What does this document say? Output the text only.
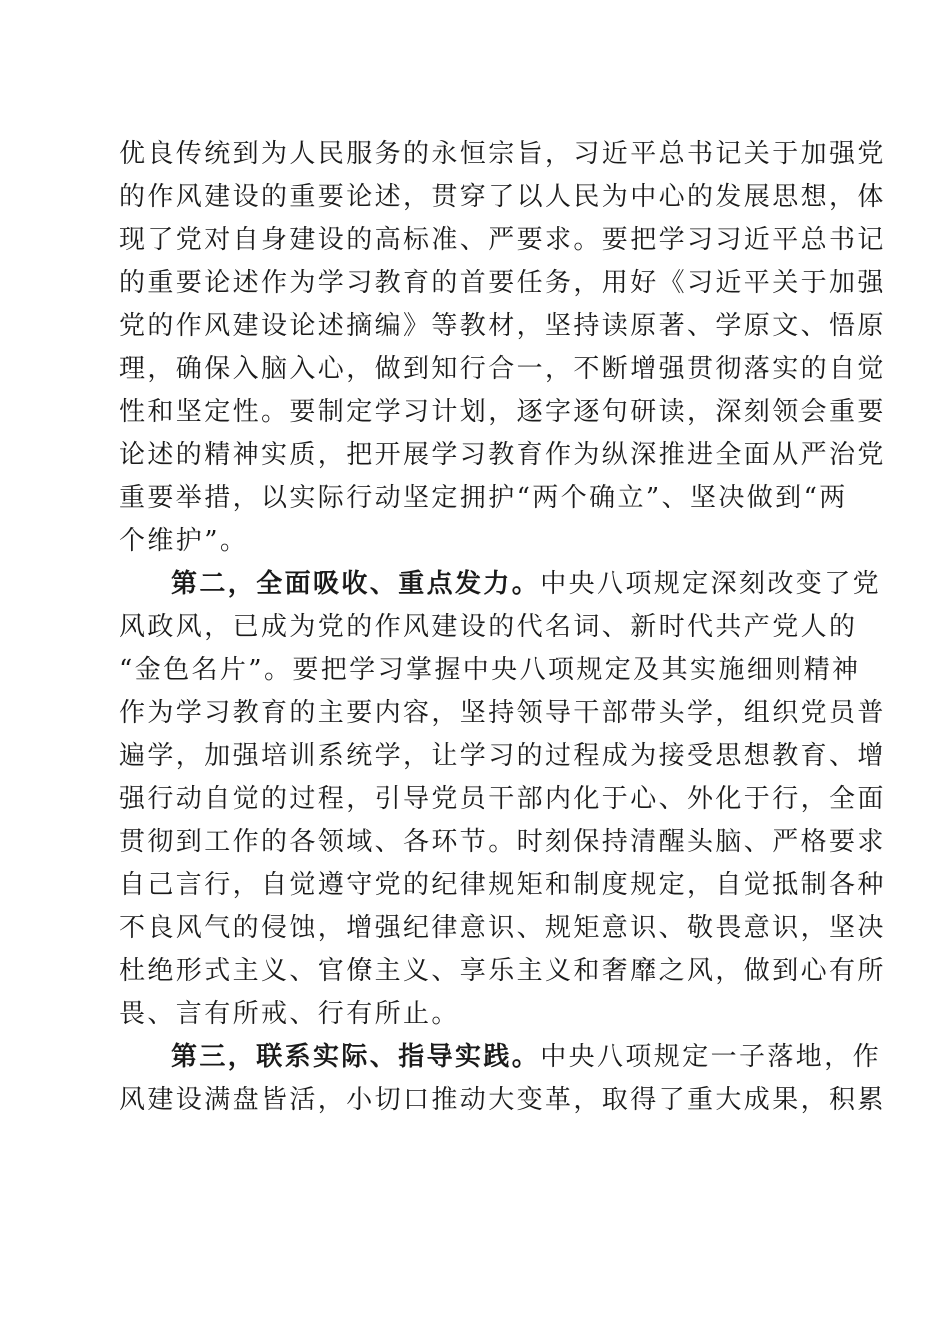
优良传统到为人民服务的永恒宗旨，习近平总书记关于加强党
的作风建设的重要论述，贯穿了以人民为中心的发展思想，体
现了党对自身建设的高标准、严要求。要把学习习近平总书记
的重要论述作为学习教育的首要任务，用好《习近平关于加强
党的作风建设论述摘编》等教材，坚持读原著、学原文、悟原
理，确保入脑入心，做到知行合一，不断增强贯彻落实的自觉
性和坚定性。要制定学习计划，逐字逐句研读，深刻领会重要
论述的精神实质，把开展学习教育作为纵深推进全面从严治党
重要举措，以实际行动坚定拥护“两个确立”、坚决做到“两
个维护”。
第二，全面吸收、重点发力。中央八项规定深刻改变了党
风政风，已成为党的作风建设的代名词、新时代共产党人的
“金色名片”。要把学习掌握中央八项规定及其实施细则精神
作为学习教育的主要内容，坚持领导干部带头学，组织党员普
遍学，加强培训系统学，让学习的过程成为接受思想教育、增
强行动自觉的过程，引导党员干部内化于心、外化于行，全面
贯彻到工作的各领域、各环节。时刻保持清醒头脑、严格要求
自己言行，自觉遵守党的纪律规矩和制度规定，自觉抵制各种
不良风气的侵蚀，增强纪律意识、规矩意识、敬畏意识，坚决
杜绝形式主义、官僚主义、享乐主义和奢靡之风，做到心有所
畏、言有所戒、行有所止。
第三，联系实际、指导实践。中央八项规定一子落地，作
风建设满盘皆活，小切口推动大变革，取得了重大成果，积累
